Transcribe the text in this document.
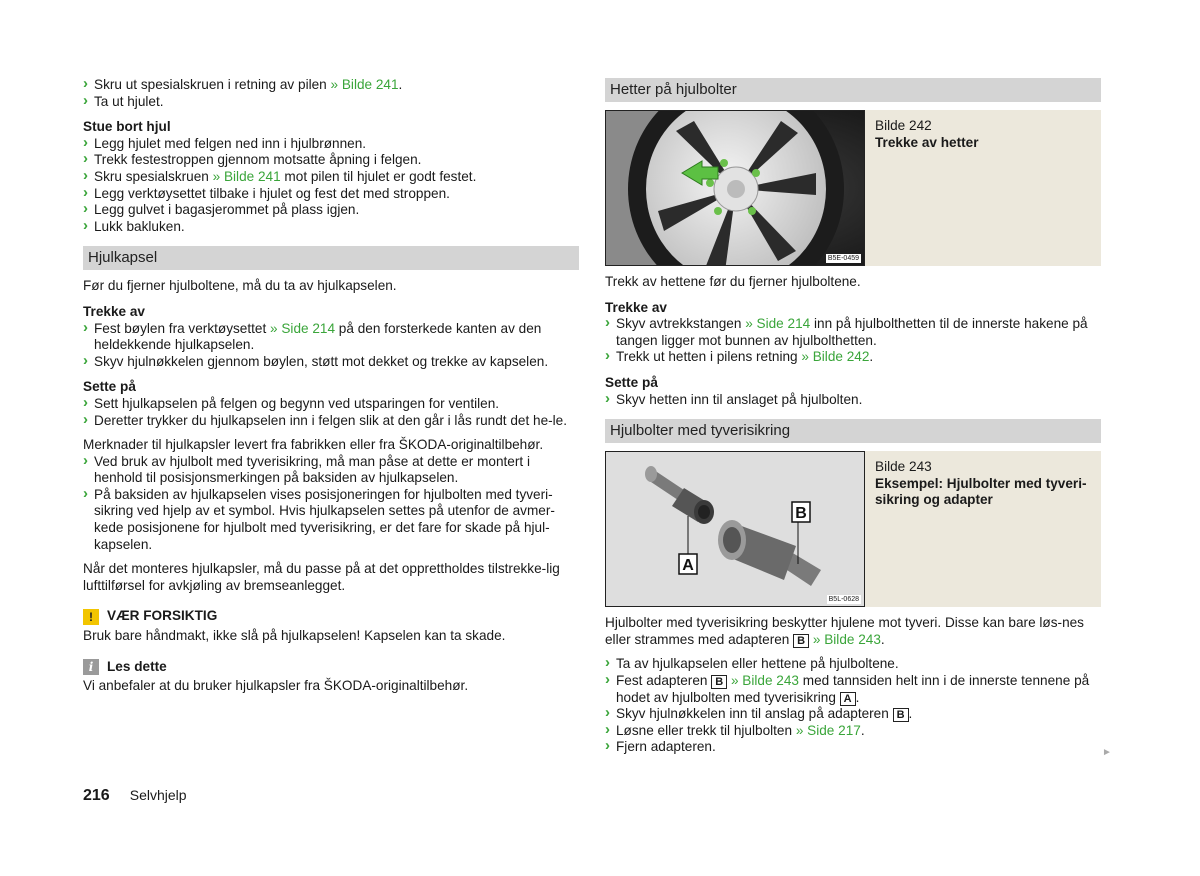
› Skru ut spesialskruen i retning av pilen » Bilde 241.

› Ta ut hjulet.

Stue bort hjul

› Legg hjulet med felgen ned inn i hjulbrønnen.

› Trekk festestroppen gjennom motsatte åpning i felgen.

› Skru spesialskruen » Bilde 241 mot pilen til hjulet er godt festet.

› Legg verktøysettet tilbake i hjulet og fest det med stroppen.

› Legg gulvet i bagasjerommet på plass igjen.

› Lukk bakluken.

Hjulkapsel

Før du fjerner hjulboltene, må du ta av hjulkapselen.

Trekke av

› Fest bøylen fra verktøysettet » Side 214 på den forsterkede kanten av den heldekkende hjulkapselen.

› Skyv hjulnøkkelen gjennom bøylen, støtt mot dekket og trekke av kapselen.

Sette på

› Sett hjulkapselen på felgen og begynn ved utsparingen for ventilen.

› Deretter trykker du hjulkapselen inn i felgen slik at den går i lås rundt det he-le.

Merknader til hjulkapsler levert fra fabrikken eller fra ŠKODA-originaltilbehør.

› Ved bruk av hjulbolt med tyverisikring, må man påse at dette er montert i henhold til posisjonsmerkingen på baksiden av hjulkapselen.

› På baksiden av hjulkapselen vises posisjoneringen for hjulbolten med tyveri-sikring ved hjelp av et symbol. Hvis hjulkapselen settes på utenfor de avmer-kede posisjonene for hjulbolt med tyverisikring, er det fare for skade på hjul-kapselen.

Når det monteres hjulkapsler, må du passe på at det opprettholdes tilstrekke-lig lufttilførsel for avkjøling av bremseanlegget.

!	VÆR FORSIKTIG

Bruk bare håndmakt, ikke slå på hjulkapselen! Kapselen kan ta skade.

i	Les dette

Vi anbefaler at du bruker hjulkapsler fra ŠKODA-originaltilbehør.

Hetter på hjulbolter
B5E-0459
Bilde 242
Trekke av hetter

Trekk av hettene før du fjerner hjulboltene.

Trekke av

› Skyv avtrekkstangen » Side 214 inn på hjulbolthetten til de innerste hakene på tangen ligger mot bunnen av hjulbolthetten.

› Trekk ut hetten i pilens retning » Bilde 242.

Sette på

› Skyv hetten inn til anslaget på hjulbolten.

Hjulbolter med tyverisikring
B
A
B5L-0628
Bilde 243
Eksempel: Hjulbolter med tyveri-sikring og adapter

Hjulbolter med tyverisikring beskytter hjulene mot tyveri. Disse kan bare løs-nes eller strammes med adapteren B » Bilde 243.

› Ta av hjulkapselen eller hettene på hjulboltene.

› Fest adapteren B » Bilde 243 med tannsiden helt inn i de innerste tennene på hodet av hjulbolten med tyverisikring A .

› Skyv hjulnøkkelen inn til anslag på adapteren B .

› Løsne eller trekk til hjulbolten » Side 217.

› Fjern adapteren.	►
216 Selvhjelp
